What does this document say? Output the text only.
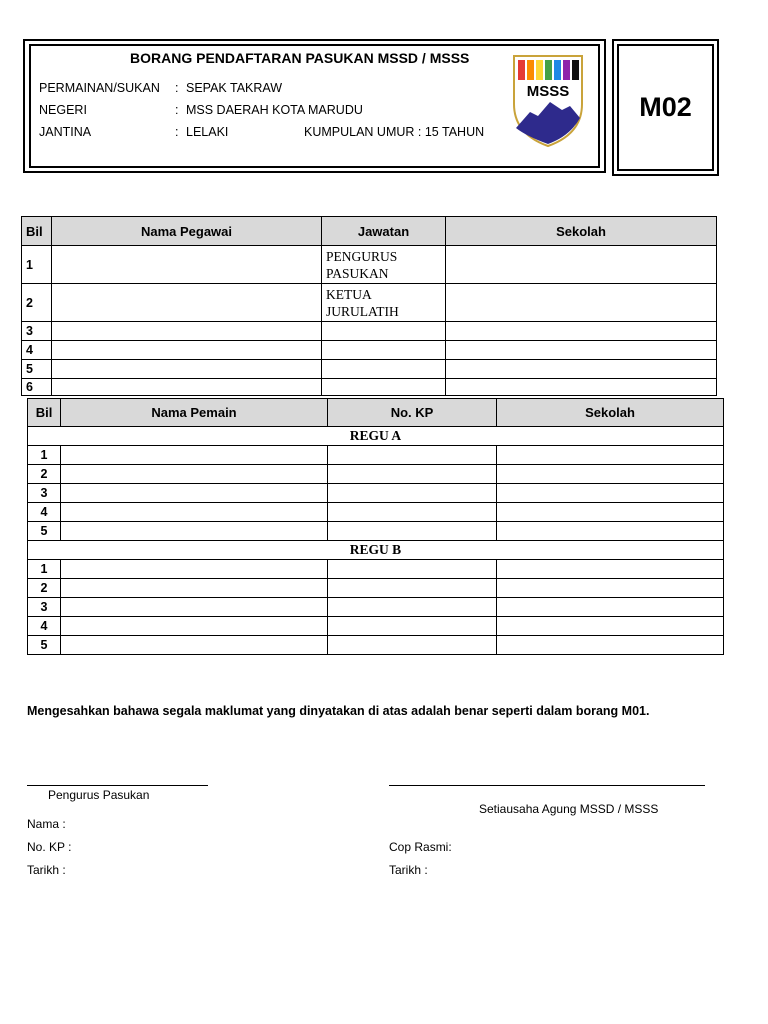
BORANG PENDAFTARAN PASUKAN MSSD / MSSS
PERMAINAN/SUKAN : SEPAK TAKRAW
NEGERI	: MSS DAERAH KOTA MARUDU
JANTINA	: LELAKI	KUMPULAN UMUR : 15 TAHUN
MSSS
M02
Bil	Nama Pegawai	Jawatan	Sekolah
1		PENGURUS
PASUKAN	

2		KETUA
JURULATIH	

3			
4			
5			
6			
Bil	Nama Pemain	No. KP	Sekolah
REGU A			
1			
2			
3			
4			
5			
REGU B			
1			
2			
3			
4			
5			
Mengesahkan bahawa segala maklumat yang dinyatakan di atas adalah benar seperti dalam borang M01.
Pengurus Pasukan
Nama :
No. KP :
Tarikh :
Setiausaha Agung MSSD / MSSS
Cop Rasmi:
Tarikh :
